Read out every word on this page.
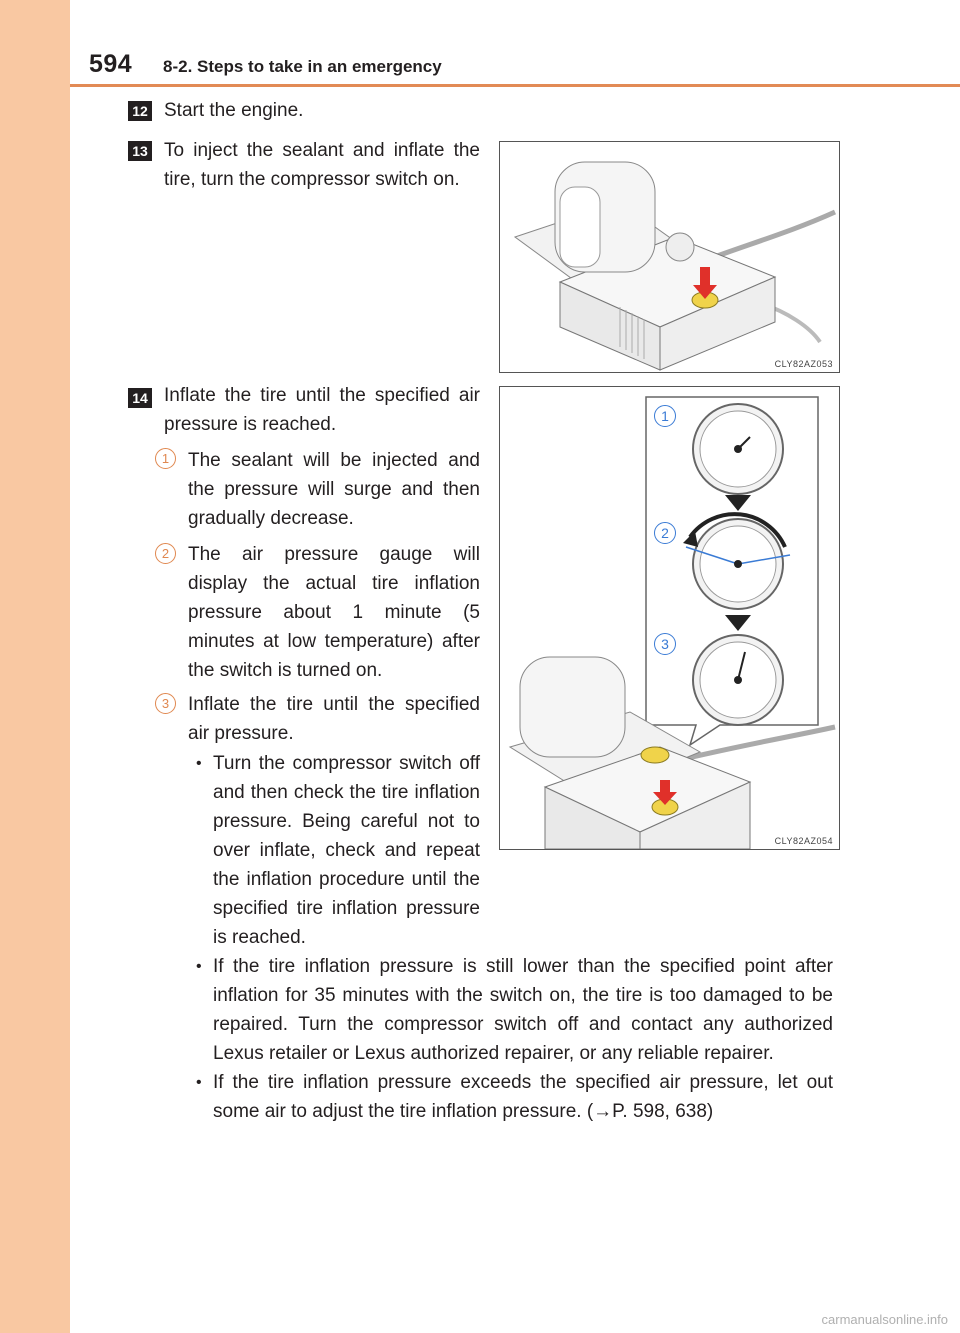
594 8-2. Steps to take in an emergency
12 Start the engine.
13 To inject the sealant and inflate the tire, turn the compressor switch on.
CLY82AZ053
14 Inflate the tire until the specified air pressure is reached.
1 The sealant will be injected and the pressure will surge and then gradually decrease.
2 The air pressure gauge will display the actual tire inflation pressure about 1 minute (5 minutes at low temperature) after the switch is turned on.
3 Inflate the tire until the specified air pressure.
• Turn the compressor switch off and then check the tire inflation pressure. Being careful not to over inflate, check and repeat the inflation procedure until the specified tire inflation pressure is reached.
• If the tire inflation pressure is still lower than the specified point after inflation for 35 minutes with the switch on, the tire is too damaged to be repaired. Turn the compressor switch off and contact any authorized Lexus retailer or Lexus authorized repairer, or any reliable repairer.
• If the tire inflation pressure exceeds the specified air pressure, let out some air to adjust the tire inflation pressure. (→P. 598, 638)
1
2
3
CLY82AZ054
carmanualsonline.info
